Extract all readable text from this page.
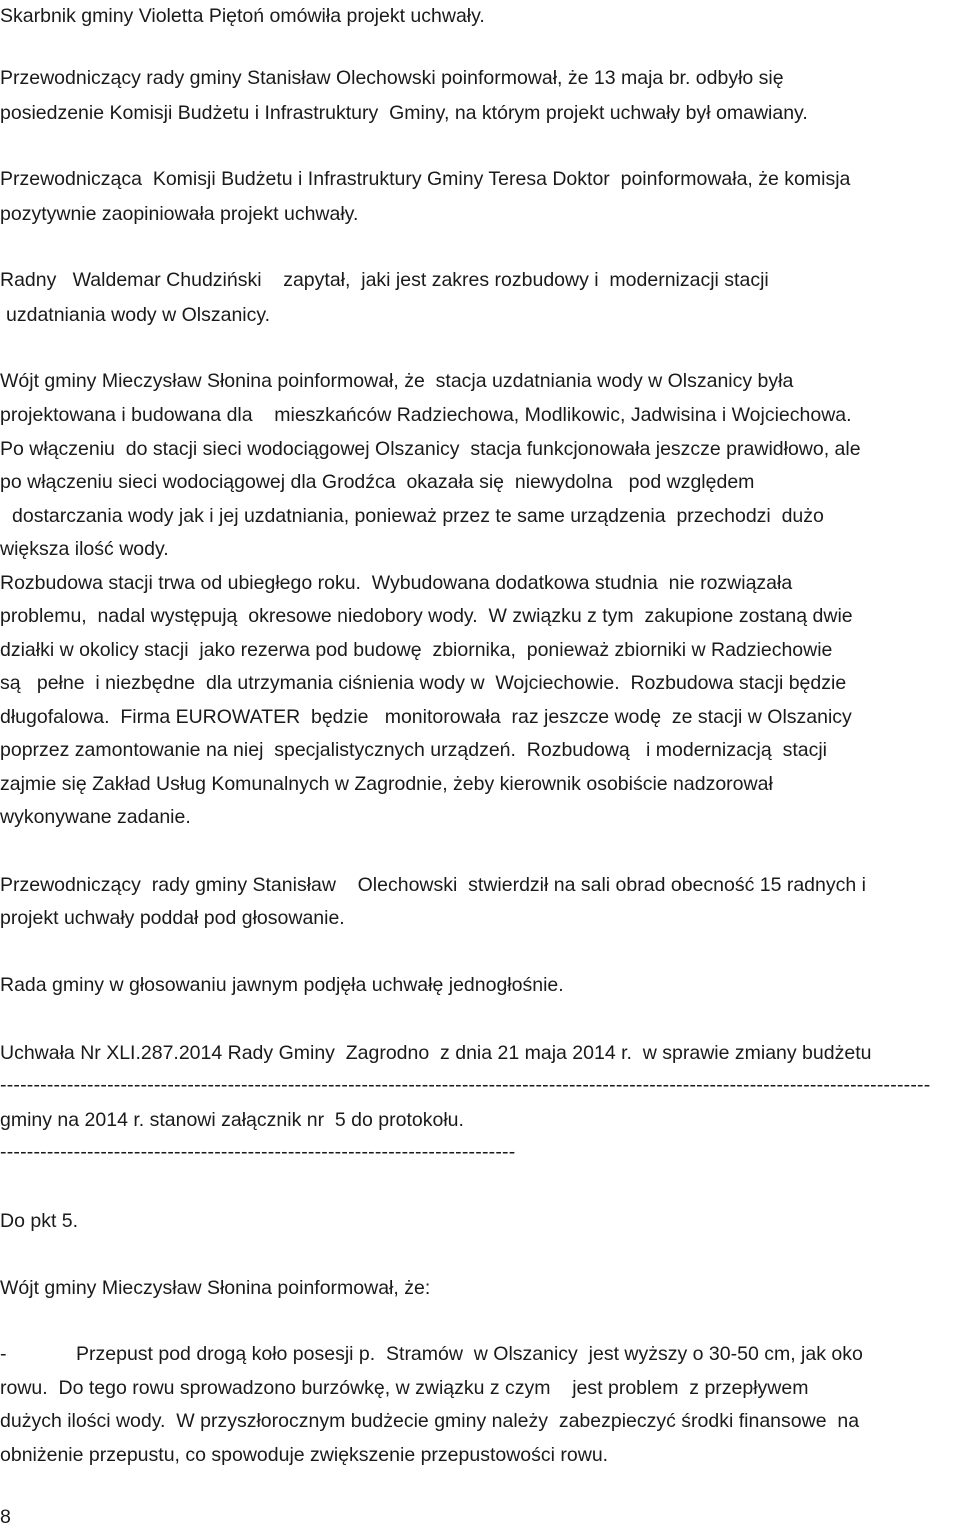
Skarbnik gminy Violetta Piętoń omówiła projekt uchwały.
Przewodniczący rady gminy Stanisław Olechowski poinformował, że 13 maja br. odbyło się
posiedzenie Komisji Budżetu i Infrastruktury  Gminy, na którym projekt uchwały był omawiany.
Przewodnicząca  Komisji Budżetu i Infrastruktury Gminy Teresa Doktor  poinformowała, że komisja
pozytywnie zaopiniowała projekt uchwały.
Radny   Waldemar Chudziński    zapytał,  jaki jest zakres rozbudowy i  modernizacji stacji
uzdatniania wody w Olszanicy.
Wójt gminy Mieczysław Słonina poinformował, że  stacja uzdatniania wody w Olszanicy była
projektowana i budowana dla    mieszkańców Radziechowa, Modlikowic, Jadwisina i Wojciechowa.
Po włączeniu  do stacji sieci wodociągowej Olszanicy  stacja funkcjonowała jeszcze prawidłowo, ale
po włączeniu sieci wodociągowej dla Grodźca  okazała się  niewydolna   pod względem
dostarczania wody jak i jej uzdatniania, ponieważ przez te same urządzenia  przechodzi  dużo
większa ilość wody.
Rozbudowa stacji trwa od ubiegłego roku.  Wybudowana dodatkowa studnia  nie rozwiązała
problemu,  nadal występują  okresowe niedobory wody.  W związku z tym  zakupione zostaną dwie
działki w okolicy stacji  jako rezerwa pod budowę  zbiornika,  ponieważ zbiorniki w Radziechowie
są   pełne  i niezbędne  dla utrzymania ciśnienia wody w  Wojciechowie.  Rozbudowa stacji będzie
długofalowa.  Firma EUROWATER  będzie   monitorowała  raz jeszcze wodę  ze stacji w Olszanicy
poprzez zamontowanie na niej  specjalistycznych urządzeń.  Rozbudową   i modernizacją  stacji
zajmie się Zakład Usług Komunalnych w Zagrodnie, żeby kierownik osobiście nadzorował
wykonywane zadanie.
Przewodniczący  rady gminy Stanisław    Olechowski  stwierdził na sali obrad obecność 15 radnych i
projekt uchwały poddał pod głosowanie.
Rada gminy w głosowaniu jawnym podjęła uchwałę jednogłośnie.
Uchwała Nr XLI.287.2014 Rady Gminy  Zagrodno  z dnia 21 maja 2014 r.  w sprawie zmiany budżetu
-------------------------------------------------------------------------------------------------------------------------------------------
gminy na 2014 r. stanowi załącznik nr  5 do protokołu.
-----------------------------------------------------------------------------
Do pkt 5.
Wójt gminy Mieczysław Słonina poinformował, że:
-	Przepust pod drogą koło posesji p.  Stramów  w Olszanicy  jest wyższy o 30-50 cm, jak oko
rowu.  Do tego rowu sprowadzono burzówkę, w związku z czym    jest problem  z przepływem
dużych ilości wody.  W przyszłorocznym budżecie gminy należy  zabezpieczyć środki finansowe  na
obniżenie przepustu, co spowoduje zwiększenie przepustowości rowu.
8
